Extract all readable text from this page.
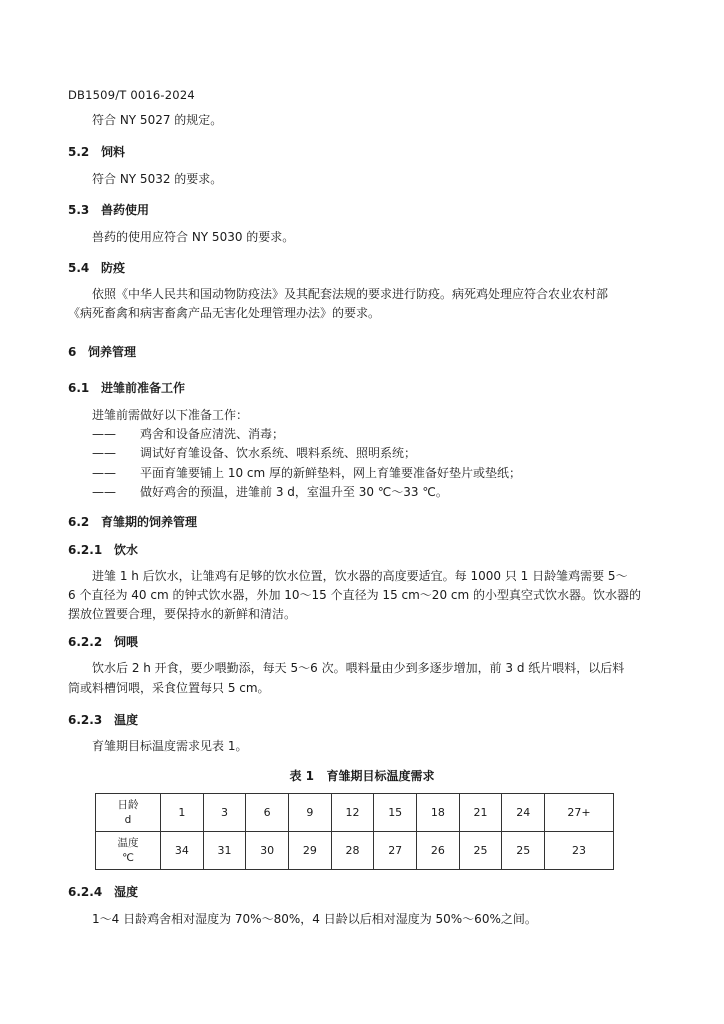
DB1509/T 0016-2024
符合 NY 5027 的规定。
5.2 饲料
符合 NY 5032 的要求。
5.3 兽药使用
兽药的使用应符合 NY 5030 的要求。
5.4 防疫
依照《中华人民共和国动物防疫法》及其配套法规的要求进行防疫。病死鸡处理应符合农业农村部
《病死畜禽和病害畜禽产品无害化处理管理办法》的要求。
6 饲养管理
6.1 进雏前准备工作
进雏前需做好以下准备工作：
—— 鸡舍和设备应清洗、消毒；
—— 调试好育雏设备、饮水系统、喂料系统、照明系统；
—— 平面育雏要铺上 10 cm 厚的新鲜垫料，网上育雏要准备好垫片或垫纸；
—— 做好鸡舍的预温，进雏前 3 d，室温升至 30 ℃～33 ℃。
6.2 育雏期的饲养管理
6.2.1 饮水
进雏 1 h 后饮水，让雏鸡有足够的饮水位置，饮水器的高度要适宜。每 1000 只 1 日龄雏鸡需要 5～
6 个直径为 40 cm 的钟式饮水器，外加 10～15 个直径为 15 cm～20 cm 的小型真空式饮水器。饮水器的
摆放位置要合理，要保持水的新鲜和清洁。
6.2.2 饲喂
饮水后 2 h 开食，要少喂勤添，每天 5～6 次。喂料量由少到多逐步增加，前 3 d 纸片喂料，以后料
筒或料槽饲喂，采食位置每只 5 cm。
6.2.3 温度
育雏期目标温度需求见表 1。
表 1 育雏期目标温度需求
日龄
d	1	3	6	9	12	15	18	21	24	27+
温度
℃	34	31	30	29	28	27	26	25	25	23
6.2.4 湿度
1～4 日龄鸡舍相对湿度为 70%～80%，4 日龄以后相对湿度为 50%～60%之间。
